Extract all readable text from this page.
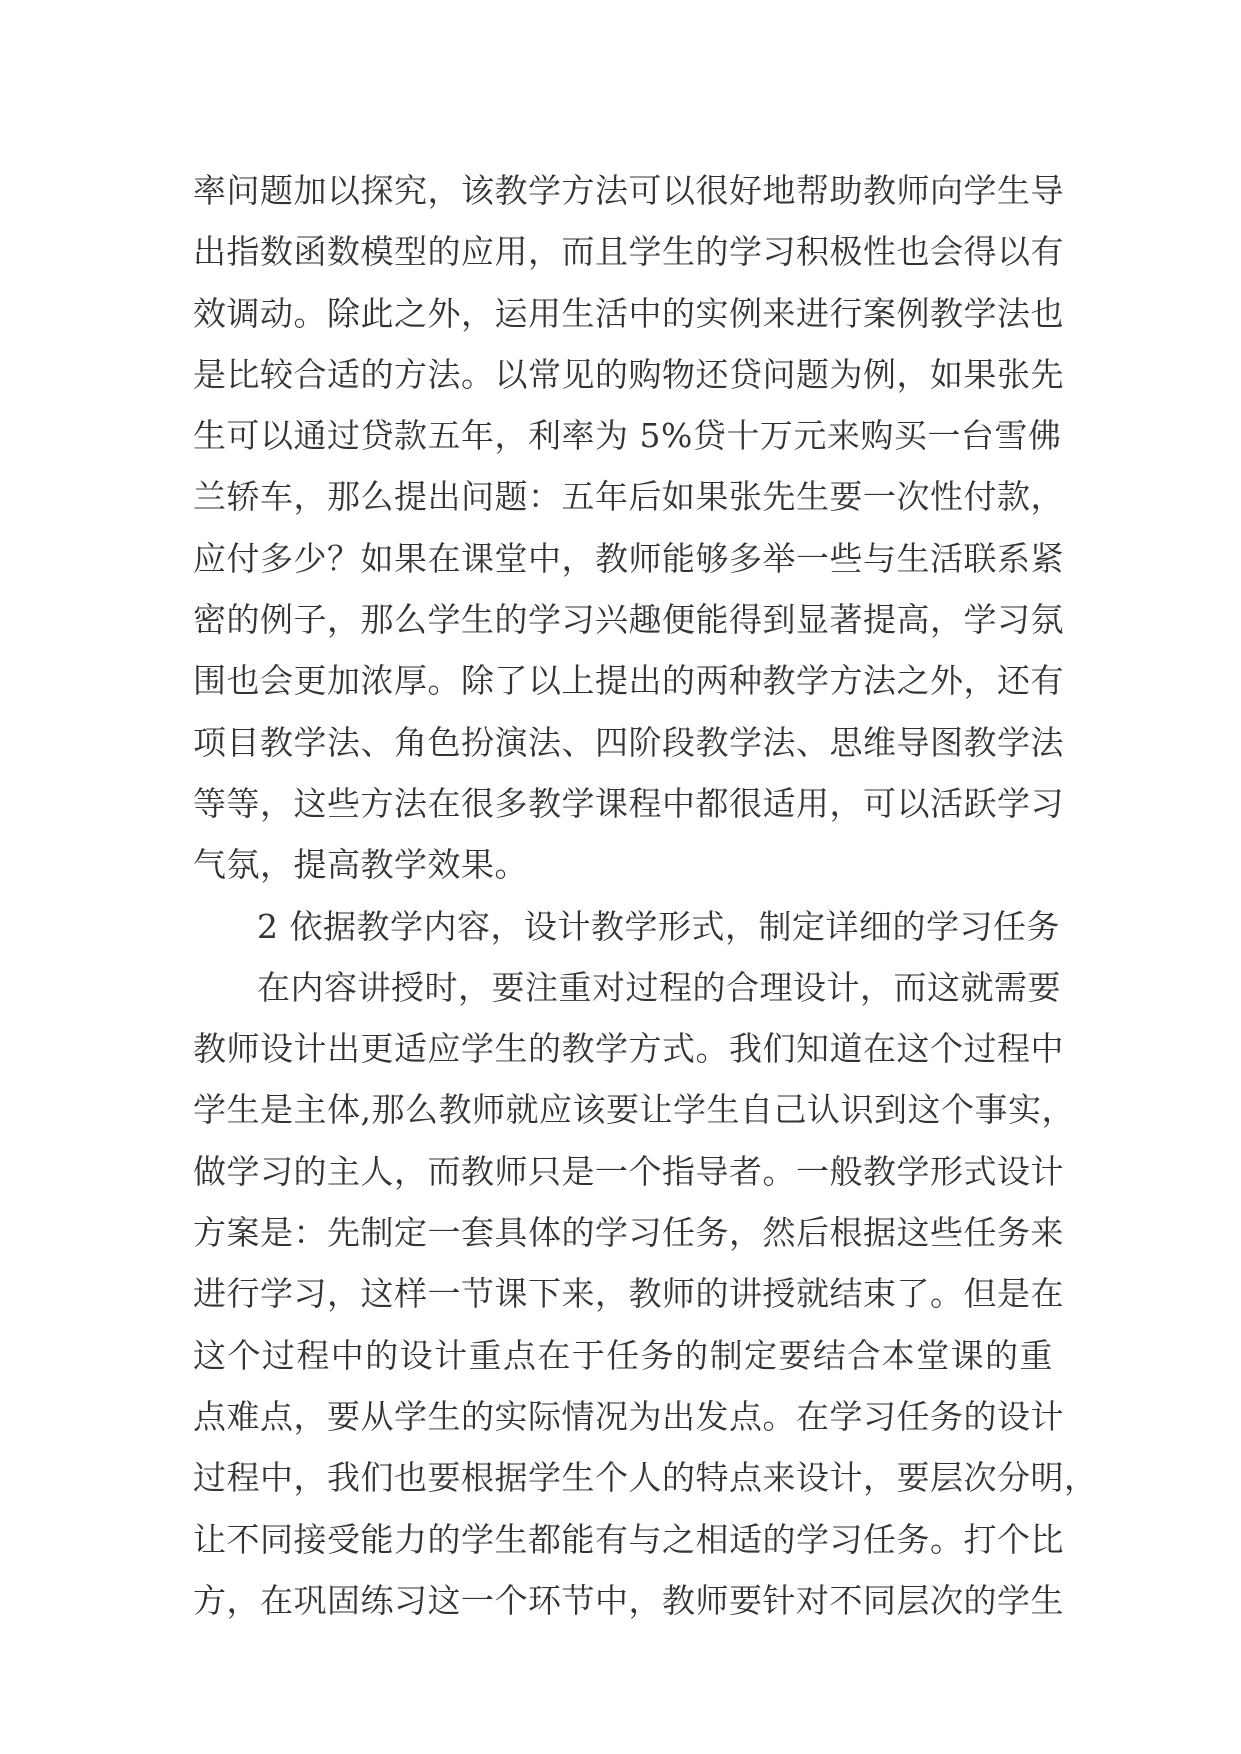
率问题加以探究，该教学方法可以很好地帮助教师向学生导
出指数函数模型的应用，而且学生的学习积极性也会得以有
效调动。除此之外，运用生活中的实例来进行案例教学法也
是比较合适的方法。以常见的购物还贷问题为例，如果张先
生可以通过贷款五年，利率为 5%贷十万元来购买一台雪佛
兰轿车，那么提出问题：五年后如果张先生要一次性付款，
应付多少？如果在课堂中，教师能够多举一些与生活联系紧
密的例子，那么学生的学习兴趣便能得到显著提高，学习氛
围也会更加浓厚。除了以上提出的两种教学方法之外，还有
项目教学法、角色扮演法、四阶段教学法、思维导图教学法
等等，这些方法在很多教学课程中都很适用，可以活跃学习
气氛，提高教学效果。
2 依据教学内容，设计教学形式，制定详细的学习任务
在内容讲授时，要注重对过程的合理设计，而这就需要
教师设计出更适应学生的教学方式。我们知道在这个过程中
学生是主体,那么教师就应该要让学生自己认识到这个事实，
做学习的主人，而教师只是一个指导者。一般教学形式设计
方案是：先制定一套具体的学习任务，然后根据这些任务来
进行学习，这样一节课下来，教师的讲授就结束了。但是在
这个过程中的设计重点在于任务的制定要结合本堂课的重
点难点，要从学生的实际情况为出发点。在学习任务的设计
过程中，我们也要根据学生个人的特点来设计，要层次分明，
让不同接受能力的学生都能有与之相适的学习任务。打个比
方，在巩固练习这一个环节中，教师要针对不同层次的学生
